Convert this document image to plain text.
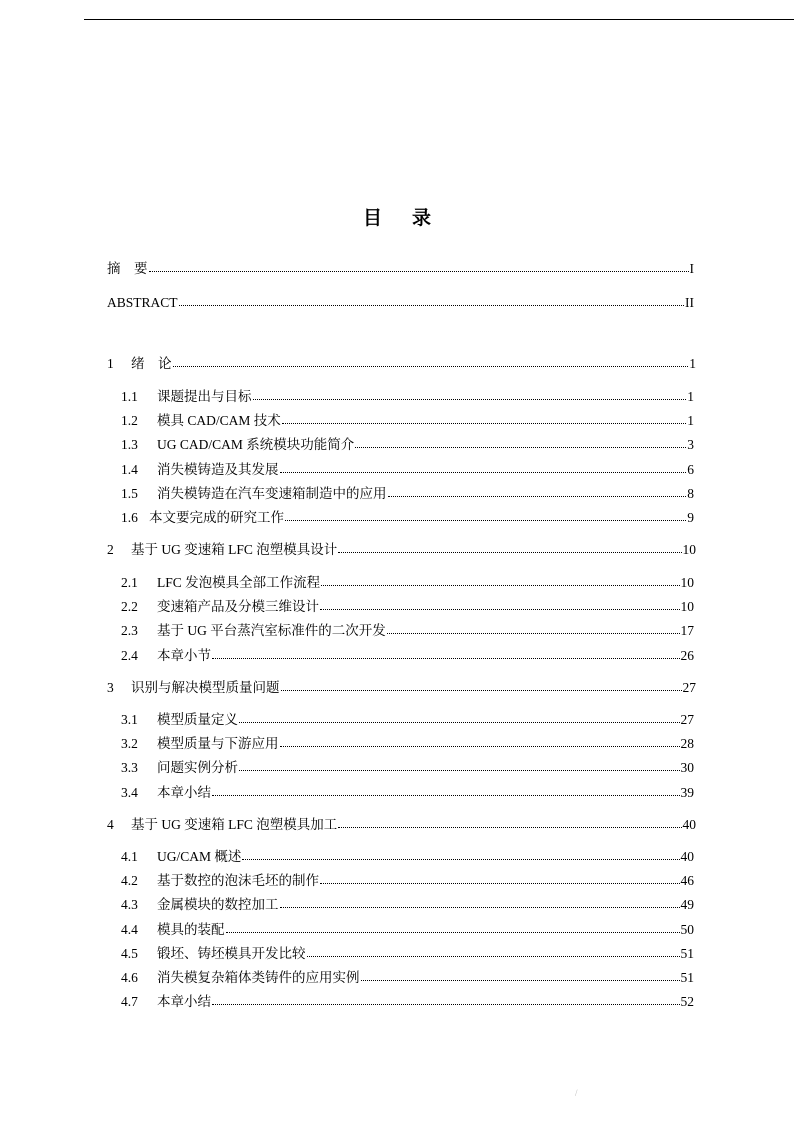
目 录
摘　要	I
ABSTRACT	II
1 绪　论	1
1.1 课题提出与目标	1
1.2 模具 CAD/CAM 技术	1
1.3 UG CAD/CAM 系统模块功能简介	3
1.4 消失模铸造及其发展	6
1.5 消失模铸造在汽车变速箱制造中的应用	8
1.6 本文要完成的研究工作	9
2 基于 UG 变速箱 LFC 泡塑模具设计	10
2.1 LFC 发泡模具全部工作流程	10
2.2 变速箱产品及分模三维设计	10
2.3 基于 UG 平台蒸汽室标准件的二次开发	17
2.4 本章小节	26
3 识别与解决模型质量问题	27
3.1 模型质量定义	27
3.2 模型质量与下游应用	28
3.3 问题实例分析	30
3.4 本章小结	39
4 基于 UG 变速箱 LFC 泡塑模具加工	40
4.1 UG/CAM 概述	40
4.2 基于数控的泡沫毛坯的制作	46
4.3 金属模块的数控加工	49
4.4 模具的装配	50
4.5 锻坯、铸坯模具开发比较	51
4.6 消失模复杂箱体类铸件的应用实例	51
4.7 本章小结	52
/
